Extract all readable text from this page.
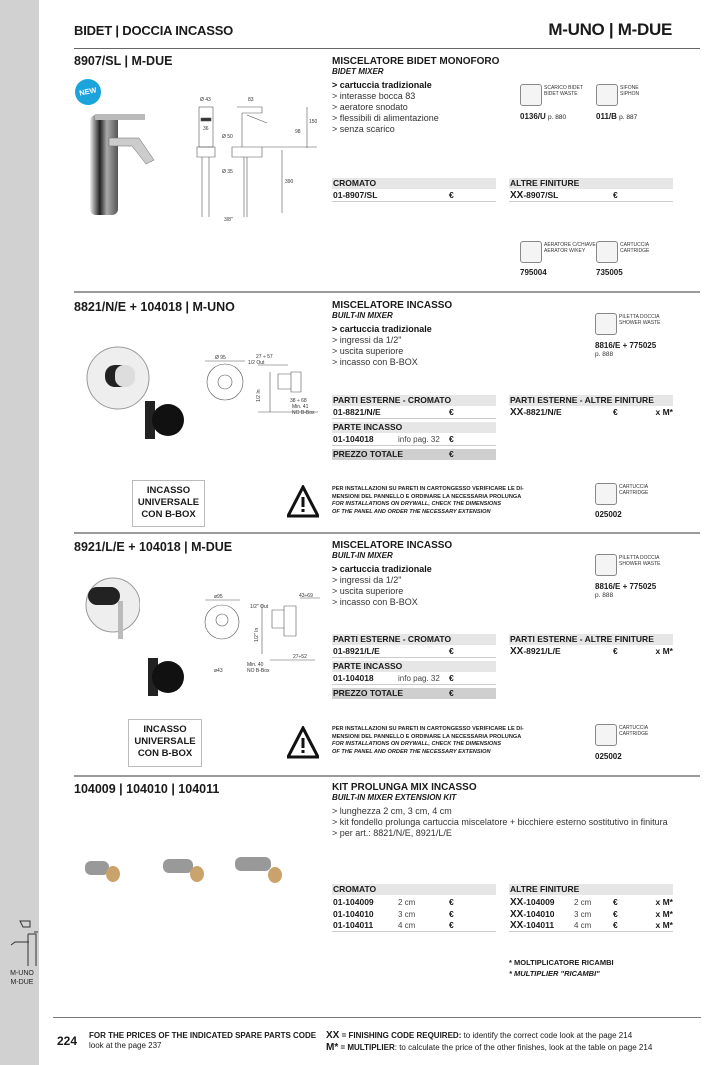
M-UNO
M-DUE
BIDET | DOCCIA INCASSO	M-UNO | M-DUE
8907/SL | M-DUE
NEW
Ø 43	83
36
Ø 50
Ø 35
98
150
390
3/8"
MISCELATORE BIDET MONOFORO
BIDET MIXER
> cartuccia tradizionale
> interasse bocca 83
> aeratore snodato
> flessibili di alimentazione
> senza scarico
SCARICO BIDET
BIDET WASTE
0136/U p. 880
SIFONE
SIPHON
011/B p. 887
CROMATO
01-8907/SL	€
ALTRE FINITURE
XX-8907/SL	€
AERATORE C/CHIAVE
AERATOR W/KEY
795004
CARTUCCIA
CARTRIDGE
735005
8821/N/E + 104018 | M-UNO
Ø 95	27 ÷ 57
1/2 Out
1/2 In	38 ÷ 68
Min. 41
NO B-Box
INCASSO
UNIVERSALE
CON B-BOX
MISCELATORE INCASSO
BUILT-IN MIXER
> cartuccia tradizionale
> ingressi da 1/2"
> uscita superiore
> incasso con B-BOX
PILETTA DOCCIA
SHOWER WASTE
8816/E + 775025
p. 888
PARTI ESTERNE - CROMATO
01-8821/N/E	€
PARTE INCASSO
01-104018	info pag. 32 €
PREZZO TOTALE	€
PARTI ESTERNE - ALTRE FINITURE
XX-8821/N/E	€	x M*
PER INSTALLAZIONI SU PARETI IN CARTONGESSO VERIFICARE LE DI-
MENSIONI DEL PANNELLO E ORDINARE LA NECESSARIA PROLUNGA
FOR INSTALLATIONS ON DRYWALL, CHECK THE DIMENSIONS
OF THE PANEL AND ORDER THE NECESSARY EXTENSION
CARTUCCIA
CARTRIDGE
025002
8921/L/E + 104018 | M-DUE
ø95
ø43
1/2" Out
1/2" In
43÷69
27÷52
Min. 40
NO B-Box
INCASSO
UNIVERSALE
CON B-BOX
MISCELATORE INCASSO
BUILT-IN MIXER
> cartuccia tradizionale
> ingressi da 1/2"
> uscita superiore
> incasso con B-BOX
PILETTA DOCCIA
SHOWER WASTE
8816/E + 775025
p. 888
PARTI ESTERNE - CROMATO
01-8921/L/E	€
PARTE INCASSO
01-104018	info pag. 32 €
PREZZO TOTALE	€
PARTI ESTERNE - ALTRE FINITURE
XX-8921/L/E	€	x M*
PER INSTALLAZIONI SU PARETI IN CARTONGESSO VERIFICARE LE DI-
MENSIONI DEL PANNELLO E ORDINARE LA NECESSARIA PROLUNGA
FOR INSTALLATIONS ON DRYWALL, CHECK THE DIMENSIONS
OF THE PANEL AND ORDER THE NECESSARY EXTENSION
CARTUCCIA
CARTRIDGE
025002
104009 | 104010 | 104011	KIT PROLUNGA MIX INCASSO
BUILT-IN MIXER EXTENSION KIT
> lunghezza 2 cm, 3 cm, 4 cm
> kit fondello prolunga cartuccia miscelatore + bicchiere esterno sostitutivo in finitura
> per art.: 8821/N/E, 8921/L/E
CROMATO
01-104009	2 cm	€
01-104010	3 cm	€
01-104011	4 cm	€
ALTRE FINITURE
XX-104009 2 cm	€	x M*
XX-104010 3 cm	€	x M*
XX-104011 4 cm	€	x M*
* MOLTIPLICATORE RICAMBI
* MULTIPLIER "RICAMBI"
224 FOR THE PRICES OF THE INDICATED SPARE PARTS CODE
look at the page 237
XX = FINISHING CODE REQUIRED: to identify the correct code look at the page 214
M* = MULTIPLIER: to calculate the price of the other finishes, look at the table on page 214
